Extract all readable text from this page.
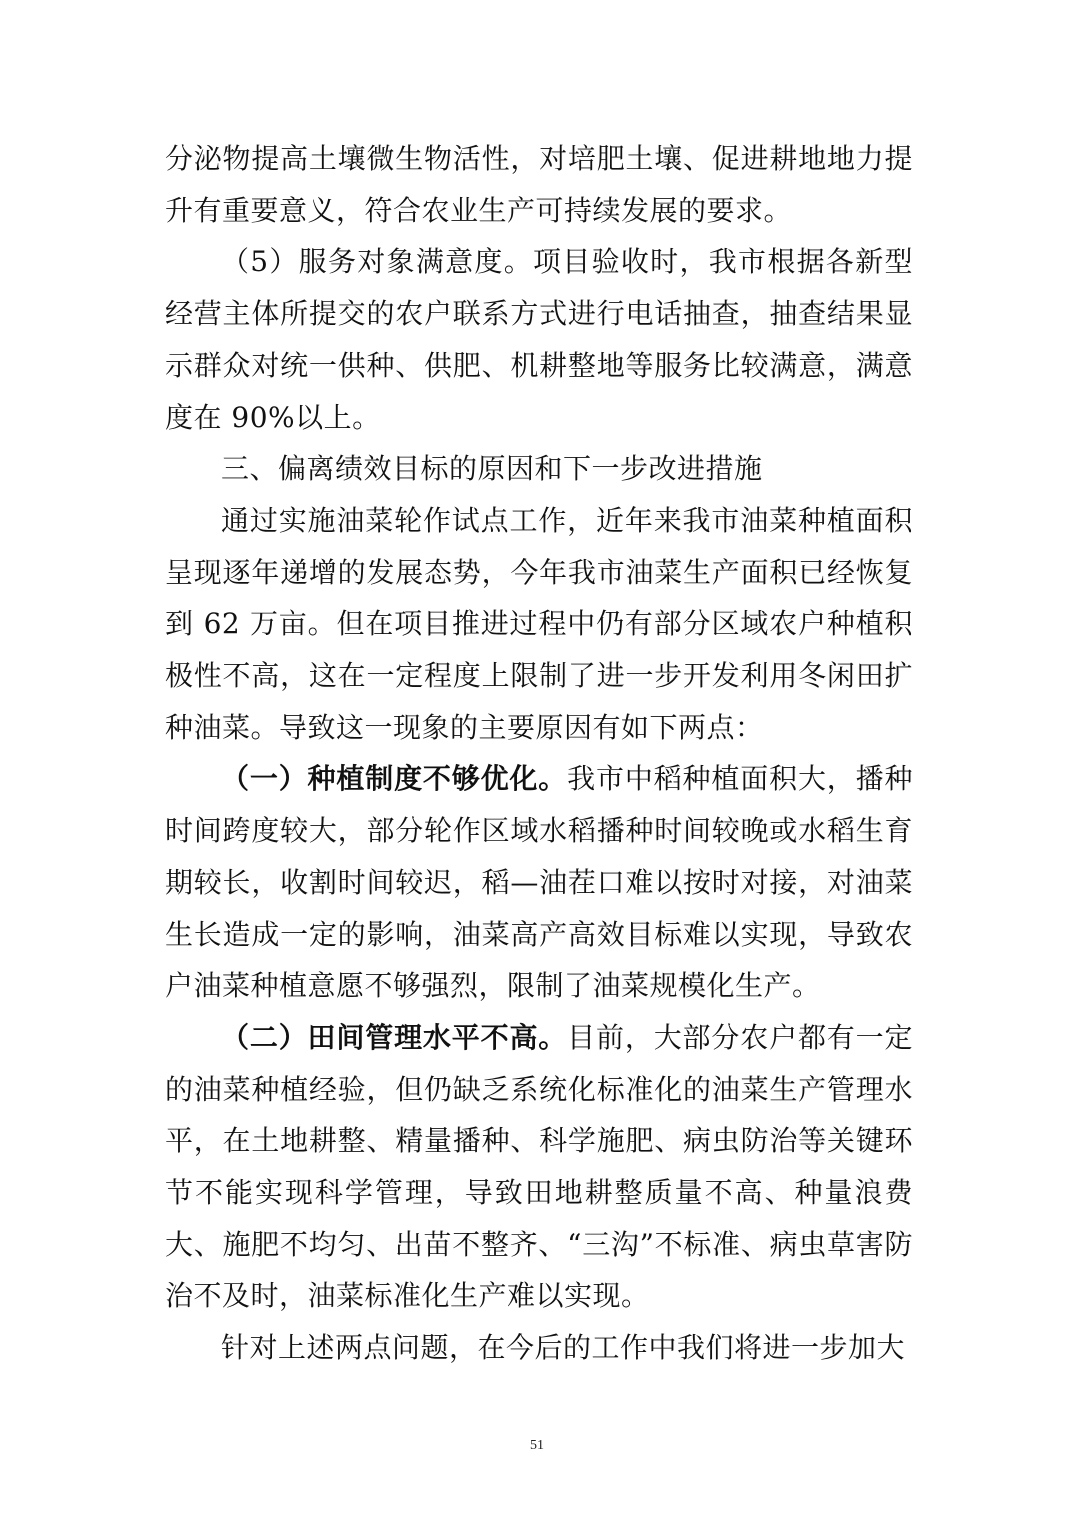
分泌物提高土壤微生物活性，对培肥土壤、促进耕地地力提升有重要意义，符合农业生产可持续发展的要求。

（5）服务对象满意度。项目验收时，我市根据各新型经营主体所提交的农户联系方式进行电话抽查，抽查结果显示群众对统一供种、供肥、机耕整地等服务比较满意，满意度在 90%以上。

三、偏离绩效目标的原因和下一步改进措施

通过实施油菜轮作试点工作，近年来我市油菜种植面积呈现逐年递增的发展态势，今年我市油菜生产面积已经恢复到 62 万亩。但在项目推进过程中仍有部分区域农户种植积极性不高，这在一定程度上限制了进一步开发利用冬闲田扩种油菜。导致这一现象的主要原因有如下两点：

（一）种植制度不够优化。我市中稻种植面积大，播种时间跨度较大，部分轮作区域水稻播种时间较晚或水稻生育期较长，收割时间较迟，稻—油茬口难以按时对接，对油菜生长造成一定的影响，油菜高产高效目标难以实现，导致农户油菜种植意愿不够强烈，限制了油菜规模化生产。

（二）田间管理水平不高。目前，大部分农户都有一定的油菜种植经验，但仍缺乏系统化标准化的油菜生产管理水平，在土地耕整、精量播种、科学施肥、病虫防治等关键环节不能实现科学管理，导致田地耕整质量不高、种量浪费大、施肥不均匀、出苗不整齐、“三沟”不标准、病虫草害防治不及时，油菜标准化生产难以实现。

针对上述两点问题，在今后的工作中我们将进一步加大

51
